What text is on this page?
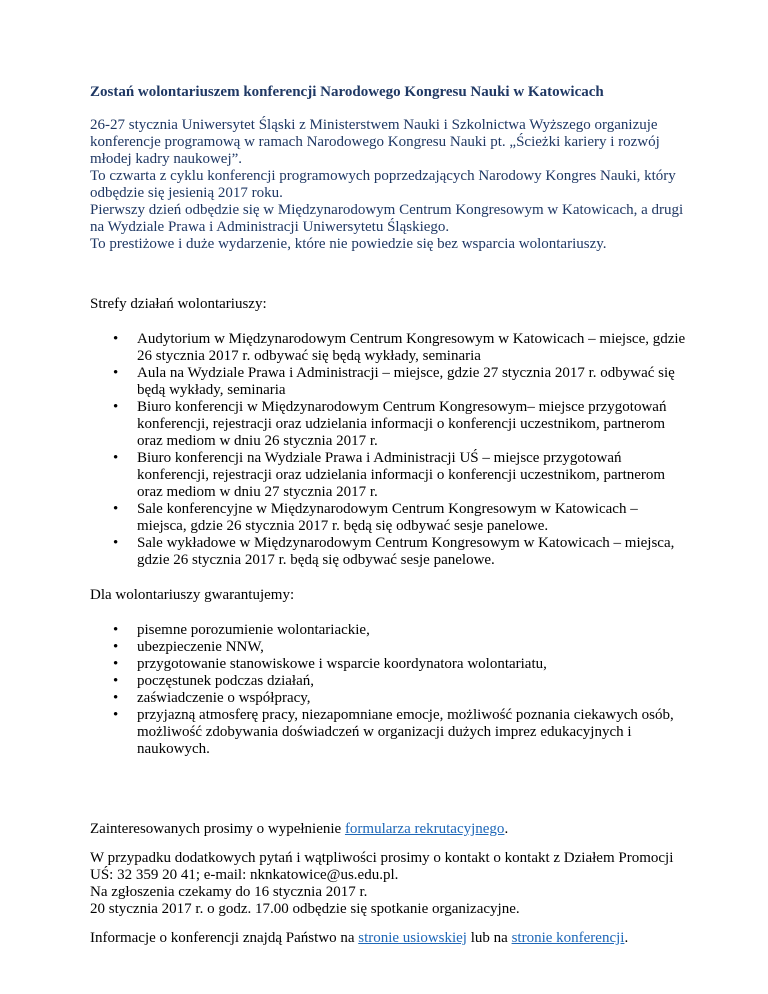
Zostań wolontariuszem konferencji Narodowego Kongresu Nauki w Katowicach

26-27 stycznia Uniwersytet Śląski z Ministerstwem Nauki i Szkolnictwa Wyższego organizuje konferencje programową w ramach Narodowego Kongresu Nauki pt. „Ścieżki kariery i rozwój młodej kadry naukowej”.

To czwarta z cyklu konferencji programowych poprzedzających Narodowy Kongres Nauki, który odbędzie się jesienią 2017 roku.

Pierwszy dzień odbędzie się w Międzynarodowym Centrum Kongresowym w Katowicach, a drugi na Wydziale Prawa i Administracji Uniwersytetu Śląskiego.

To prestiżowe i duże wydarzenie, które nie powiedzie się bez wsparcia wolontariuszy.

Strefy działań wolontariuszy:

• Audytorium w Międzynarodowym Centrum Kongresowym w Katowicach – miejsce, gdzie 26 stycznia 2017 r. odbywać się będą wykłady, seminaria
• Aula na Wydziale Prawa i Administracji – miejsce, gdzie 27 stycznia 2017 r. odbywać się będą wykłady, seminaria
• Biuro konferencji w Międzynarodowym Centrum Kongresowym– miejsce przygotowań konferencji, rejestracji oraz udzielania informacji o konferencji uczestnikom, partnerom oraz mediom w dniu 26 stycznia 2017 r.
• Biuro konferencji na Wydziale Prawa i Administracji UŚ – miejsce przygotowań konferencji, rejestracji oraz udzielania informacji o konferencji uczestnikom, partnerom oraz mediom w dniu 27 stycznia 2017 r.
• Sale konferencyjne w Międzynarodowym Centrum Kongresowym w Katowicach – miejsca, gdzie 26 stycznia 2017 r. będą się odbywać sesje panelowe.
• Sale wykładowe w Międzynarodowym Centrum Kongresowym w Katowicach – miejsca, gdzie 26 stycznia 2017 r. będą się odbywać sesje panelowe.

Dla wolontariuszy gwarantujemy:

• pisemne porozumienie wolontariackie,
• ubezpieczenie NNW,
• przygotowanie stanowiskowe i wsparcie koordynatora wolontariatu,
• poczęstunek podczas działań,
• zaświadczenie o współpracy,
• przyjazną atmosferę pracy, niezapomniane emocje, możliwość poznania ciekawych osób, możliwość zdobywania doświadczeń w organizacji dużych imprez edukacyjnych i naukowych.

Zainteresowanych prosimy o wypełnienie formularza rekrutacyjnego.

W przypadku dodatkowych pytań i wątpliwości prosimy o kontakt o kontakt z Działem Promocji UŚ: 32 359 20 41; e-mail: nknkatowice@us.edu.pl.

Na zgłoszenia czekamy do 16 stycznia 2017 r.

20 stycznia 2017 r. o godz. 17.00 odbędzie się spotkanie organizacyjne.

Informacje o konferencji znajdą Państwo na stronie usiowskiej lub na stronie konferencji.
